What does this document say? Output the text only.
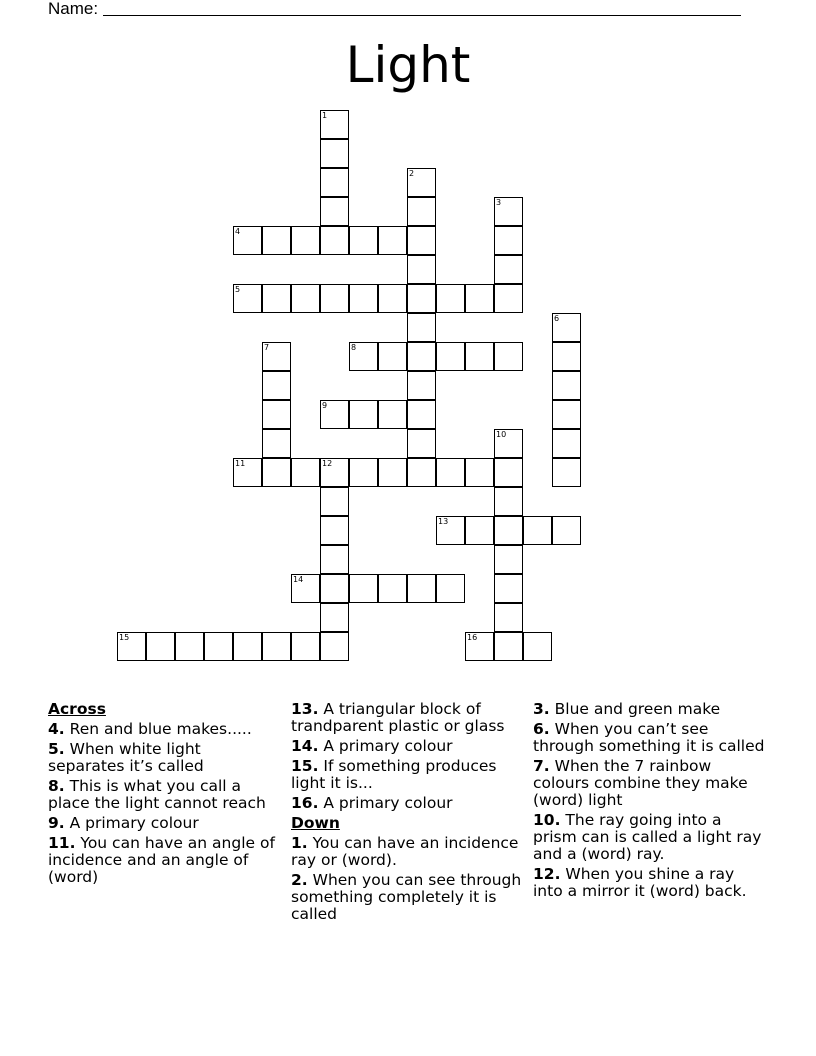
Name:
Light
1
2
3
4
5
6
7	8
9
10
11	12
13
14
15	16
Across
4. Ren and blue makes.....
5. When white light separates it’s called
8. This is what you call a place the light cannot reach
9. A primary colour
11. You can have an angle of incidence and an angle of (word)
13. A triangular block of trandparent plastic or glass
14. A primary colour
15. If something produces light it is...
16. A primary colour
Down
1. You can have an incidence ray or (word).
2. When you can see through something completely it is called
3. Blue and green make
6. When you can’t see through something it is called
7. When the 7 rainbow colours combine they make (word) light
10. The ray going into a prism can is called a light ray and a (word) ray.
12. When you shine a ray into a mirror it (word) back.
